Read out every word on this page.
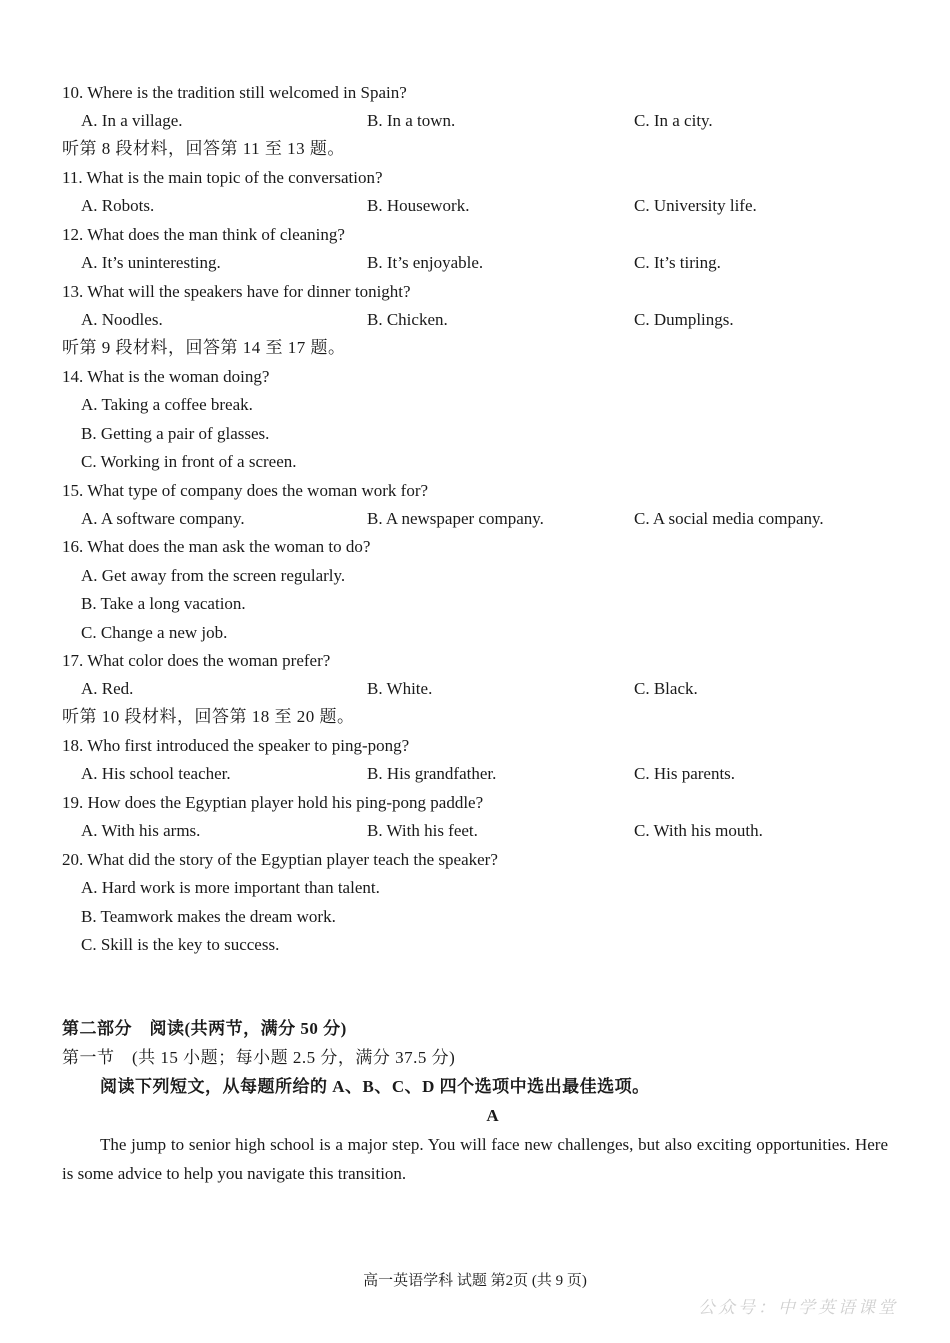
10. Where is the tradition still welcomed in Spain?
A. In a village.	B. In a town.	C. In a city.
听第 8 段材料，回答第 11 至 13 题。
11. What is the main topic of the conversation?
A. Robots.	B. Housework.	C. University life.
12. What does the man think of cleaning?
A. It’s uninteresting.	B. It’s enjoyable.	C. It’s tiring.
13. What will the speakers have for dinner tonight?
A. Noodles.	B. Chicken.	C. Dumplings.
听第 9 段材料，回答第 14 至 17 题。
14. What is the woman doing?
A. Taking a coffee break.
B. Getting a pair of glasses.
C. Working in front of a screen.
15. What type of company does the woman work for?
A. A software company.	B. A newspaper company.	C. A social media company.
16. What does the man ask the woman to do?
A. Get away from the screen regularly.
B. Take a long vacation.
C. Change a new job.
17. What color does the woman prefer?
A. Red.	B. White.	C. Black.
听第 10 段材料，回答第 18 至 20 题。
18. Who first introduced the speaker to ping-pong?
A. His school teacher.	B. His grandfather.	C. His parents.
19. How does the Egyptian player hold his ping-pong paddle?
A. With his arms.	B. With his feet.	C. With his mouth.
20. What did the story of the Egyptian player teach the speaker?
A. Hard work is more important than talent.
B. Teamwork makes the dream work.
C. Skill is the key to success.
第二部分　阅读(共两节，满分 50 分)
第一节　(共 15 小题；每小题 2.5 分，满分 37.5 分)
阅读下列短文，从每题所给的 A、B、C、D 四个选项中选出最佳选项。
A
The jump to senior high school is a major step. You will face new challenges, but also exciting opportunities. Here is some advice to help you navigate this transition.
高一英语学科 试题 第2页 (共 9 页)
公众号：中学英语课堂
